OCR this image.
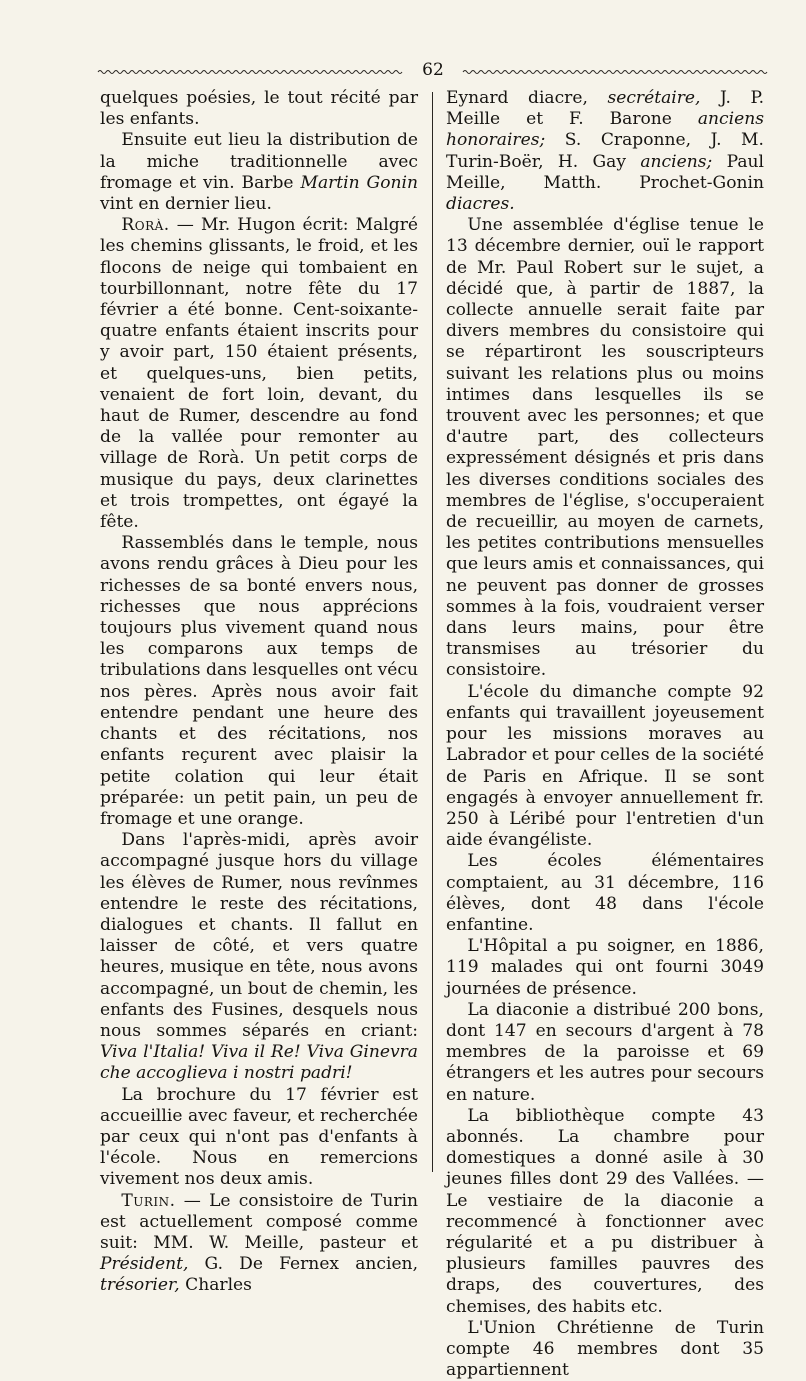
62

quelques poésies, le tout récité par les enfants.

Ensuite eut lieu la distribution de la miche traditionnelle avec fromage et vin. Barbe Martin Gonin vint en dernier lieu.

Rorà. — Mr. Hugon écrit: Malgré les chemins glissants, le froid, et les flocons de neige qui tombaient en tourbillonnant, notre fête du 17 février a été bonne. Cent-soixante-quatre enfants étaient inscrits pour y avoir part, 150 étaient présents, et quelques-uns, bien petits, venaient de fort loin, devant, du haut de Rumer, descendre au fond de la vallée pour remonter au village de Rorà. Un petit corps de musique du pays, deux clarinettes et trois trompettes, ont égayé la fête.

Rassemblés dans le temple, nous avons rendu grâces à Dieu pour les richesses de sa bonté envers nous, richesses que nous apprécions toujours plus vivement quand nous les comparons aux temps de tribulations dans lesquelles ont vécu nos pères. Après nous avoir fait entendre pendant une heure des chants et des récitations, nos enfants reçurent avec plaisir la petite colation qui leur était préparée: un petit pain, un peu de fromage et une orange.

Dans l'après-midi, après avoir accompagné jusque hors du village les élèves de Rumer, nous revînmes entendre le reste des récitations, dialogues et chants. Il fallut en laisser de côté, et vers quatre heures, musique en tête, nous avons accompagné, un bout de chemin, les enfants des Fusines, desquels nous nous sommes séparés en criant: Viva l'Italia! Viva il Re! Viva Ginevra che accoglieva i nostri padri!

La brochure du 17 février est accueillie avec faveur, et recherchée par ceux qui n'ont pas d'enfants à l'école. Nous en remercions vivement nos deux amis.

Turin. — Le consistoire de Turin est actuellement composé comme suit: MM. W. Meille, pasteur et Président, G. De Fernex ancien, trésorier, Charles

Eynard diacre, secrétaire, J. P. Meille et F. Barone anciens honoraires; S. Craponne, J. M. Turin-Boër, H. Gay anciens; Paul Meille, Matth. Prochet-Gonin diacres.

Une assemblée d'église tenue le 13 décembre dernier, ouï le rapport de Mr. Paul Robert sur le sujet, a décidé que, à partir de 1887, la collecte annuelle serait faite par divers membres du consistoire qui se répartiront les souscripteurs suivant les relations plus ou moins intimes dans lesquelles ils se trouvent avec les personnes; et que d'autre part, des collecteurs expressément désignés et pris dans les diverses conditions sociales des membres de l'église, s'occuperaient de recueillir, au moyen de carnets, les petites contributions mensuelles que leurs amis et connaissances, qui ne peuvent pas donner de grosses sommes à la fois, voudraient verser dans leurs mains, pour être transmises au trésorier du consistoire.

L'école du dimanche compte 92 enfants qui travaillent joyeusement pour les missions moraves au Labrador et pour celles de la société de Paris en Afrique. Il se sont engagés à envoyer annuellement fr. 250 à Léribé pour l'entretien d'un aide évangéliste.

Les écoles élémentaires comptaient, au 31 décembre, 116 élèves, dont 48 dans l'école enfantine.

L'Hôpital a pu soigner, en 1886, 119 malades qui ont fourni 3049 journées de présence.

La diaconie a distribué 200 bons, dont 147 en secours d'argent à 78 membres de la paroisse et 69 étrangers et les autres pour secours en nature.

La bibliothèque compte 43 abonnés. La chambre pour domestiques a donné asile à 30 jeunes filles dont 29 des Vallées. — Le vestiaire de la diaconie a recommencé à fonctionner avec régularité et a pu distribuer à plusieurs familles pauvres des draps, des couvertures, des chemises, des habits etc.

L'Union Chrétienne de Turin compte 46 membres dont 35 appartiennent
